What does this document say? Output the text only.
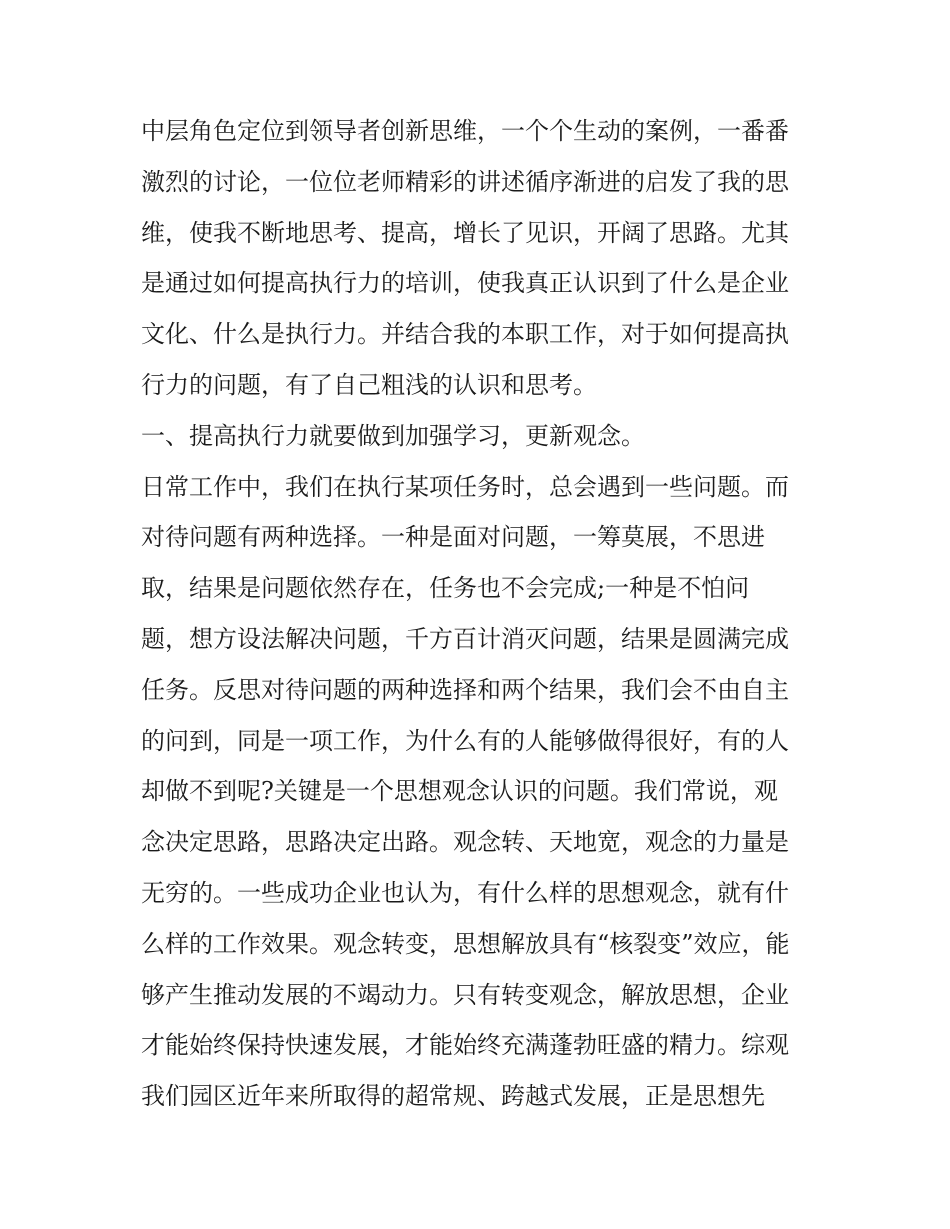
中层角色定位到领导者创新思维，一个个生动的案例，一番番
激烈的讨论，一位位老师精彩的讲述循序渐进的启发了我的思
维，使我不断地思考、提高，增长了见识，开阔了思路。尤其
是通过如何提高执行力的培训，使我真正认识到了什么是企业
文化、什么是执行力。并结合我的本职工作，对于如何提高执
行力的问题，有了自己粗浅的认识和思考。
一、提高执行力就要做到加强学习，更新观念。
日常工作中，我们在执行某项任务时，总会遇到一些问题。而
对待问题有两种选择。一种是面对问题，一筹莫展，不思进
取，结果是问题依然存在，任务也不会完成;一种是不怕问
题，想方设法解决问题，千方百计消灭问题，结果是圆满完成
任务。反思对待问题的两种选择和两个结果，我们会不由自主
的问到，同是一项工作，为什么有的人能够做得很好，有的人
却做不到呢?关键是一个思想观念认识的问题。我们常说，观
念决定思路，思路决定出路。观念转、天地宽，观念的力量是
无穷的。一些成功企业也认为，有什么样的思想观念，就有什
么样的工作效果。观念转变，思想解放具有“核裂变”效应，能
够产生推动发展的不竭动力。只有转变观念，解放思想，企业
才能始终保持快速发展，才能始终充满蓬勃旺盛的精力。综观
我们园区近年来所取得的超常规、跨越式发展，正是思想先
